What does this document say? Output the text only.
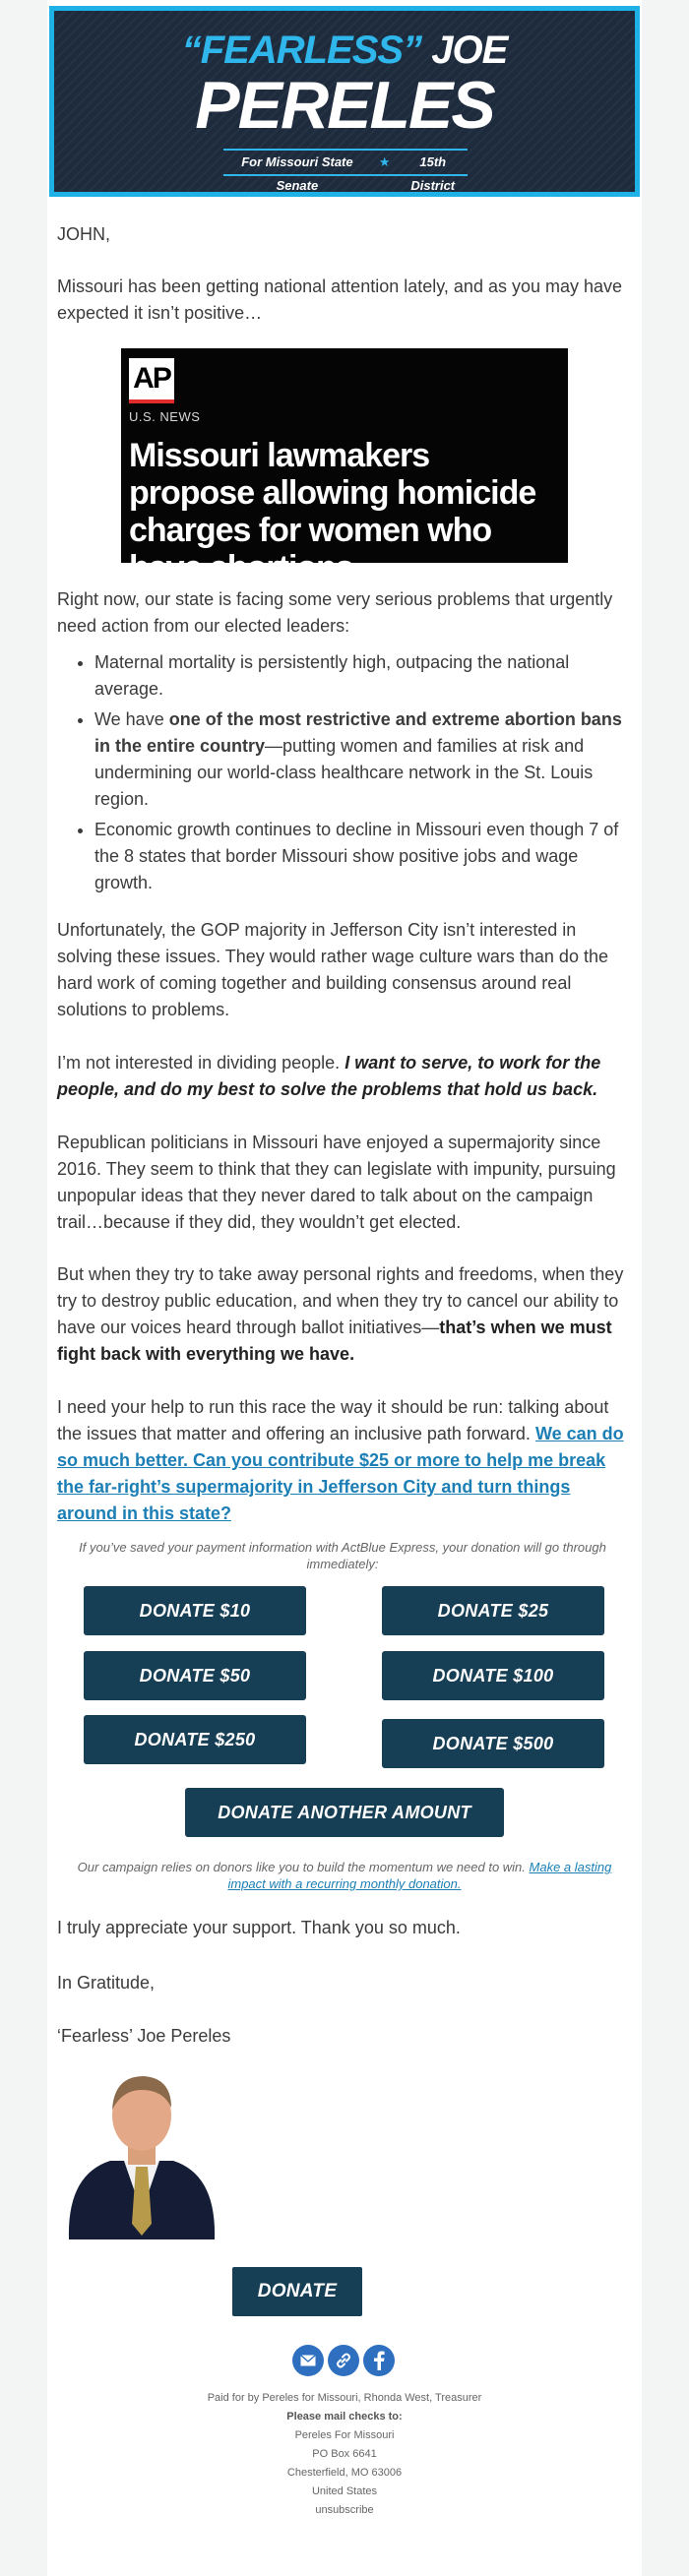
“FEARLESS” JOE
PERELES
For Missouri State Senate
★	15th District
JOHN,
Missouri has been getting national attention lately, and as you may have expected it isn’t positive…
AP
U.S. NEWS
Missouri lawmakers propose allowing homicide charges for women who have abortions
Right now, our state is facing some very serious problems that urgently need action from our elected leaders:
• Maternal mortality is persistently high, outpacing the national average.
• We have one of the most restrictive and extreme abortion bans in the entire country—putting women and families at risk and undermining our world-class healthcare network in the St. Louis region.
• Economic growth continues to decline in Missouri even though 7 of the 8 states that border Missouri show positive jobs and wage growth.
Unfortunately, the GOP majority in Jefferson City isn’t interested in solving these issues. They would rather wage culture wars than do the hard work of coming together and building consensus around real solutions to problems.
I’m not interested in dividing people. I want to serve, to work for the people, and do my best to solve the problems that hold us back.
Republican politicians in Missouri have enjoyed a supermajority since 2016. They seem to think that they can legislate with impunity, pursuing unpopular ideas that they never dared to talk about on the campaign trail…because if they did, they wouldn’t get elected.
But when they try to take away personal rights and freedoms, when they try to destroy public education, and when they try to cancel our ability to have our voices heard through ballot initiatives—that’s when we must fight back with everything we have.
I need your help to run this race the way it should be run: talking about the issues that matter and offering an inclusive path forward. We can do so much better. Can you contribute $25 or more to help me break the far-right’s supermajority in Jefferson City and turn things around in this state?
If you’ve saved your payment information with ActBlue Express, your donation will go through immediately:
DONATE $10	DONATE $25
DONATE $50	DONATE $100
DONATE $250	DONATE $500
DONATE ANOTHER AMOUNT
Our campaign relies on donors like you to build the momentum we need to win. Make a lasting impact with a recurring monthly donation.
I truly appreciate your support. Thank you so much.
In Gratitude,
‘Fearless’ Joe Pereles
DONATE
Paid for by Pereles for Missouri, Rhonda West, Treasurer
Please mail checks to:
Pereles For Missouri
PO Box 6641
Chesterfield, MO 63006
United States
unsubscribe
